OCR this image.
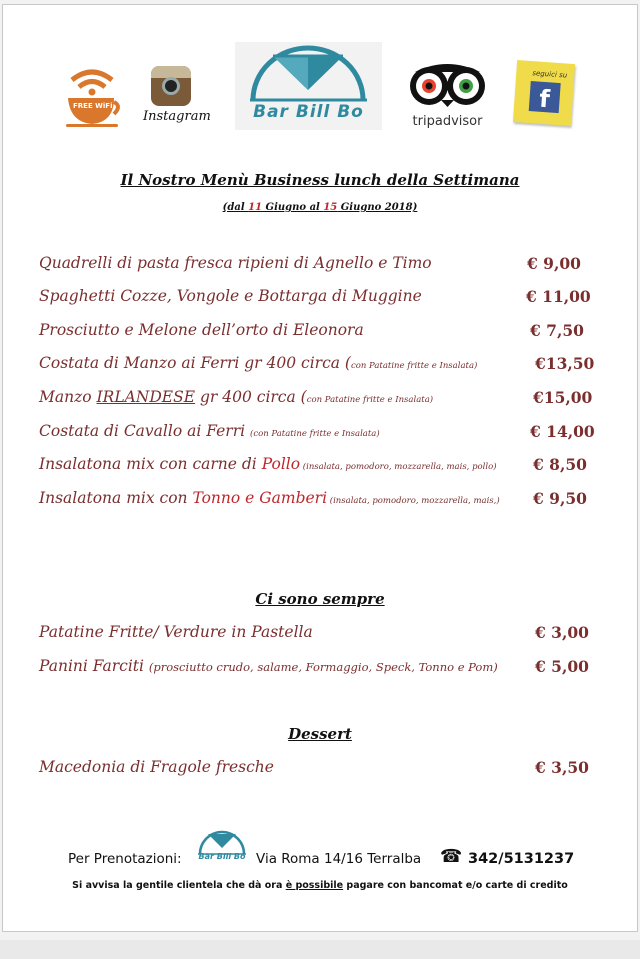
FREE WiFi
Instagram	Bar Bill Bo	tripadvisor
seguici su
f
Il Nostro Menù Business lunch della Settimana
(dal 11 Giugno al 15 Giugno 2018)
Quadrelli di pasta fresca ripieni di Agnello e Timo	€ 9,00
Spaghetti Cozze, Vongole e Bottarga di Muggine	€ 11,00
Prosciutto e Melone dell’orto di Eleonora	€ 7,50
Costata di Manzo ai Ferri gr 400 circa (con Patatine fritte e Insalata)	€13,50
Manzo IRLANDESE gr 400 circa (con Patatine fritte e Insalata)	€15,00
Costata di Cavallo ai Ferri (con Patatine fritte e Insalata)	€ 14,00
Insalatona mix con carne di Pollo (insalata, pomodoro, mozzarella, mais, pollo)	€ 8,50
Insalatona mix con Tonno e Gamberi (insalata, pomodoro, mozzarella, mais,)	€ 9,50
Ci sono sempre
Patatine Fritte/ Verdure in Pastella	€ 3,00
Panini Farciti (prosciutto crudo, salame, Formaggio, Speck, Tonno e Pom)	€ 5,00
Dessert
Macedonia di Fragole fresche	€ 3,50
Per Prenotazioni:	Bar Bill Bo Via Roma 14/16 Terralba ☎ 342/5131237
Si avvisa la gentile clientela che dà ora è possibile pagare con bancomat e/o carte di credito
